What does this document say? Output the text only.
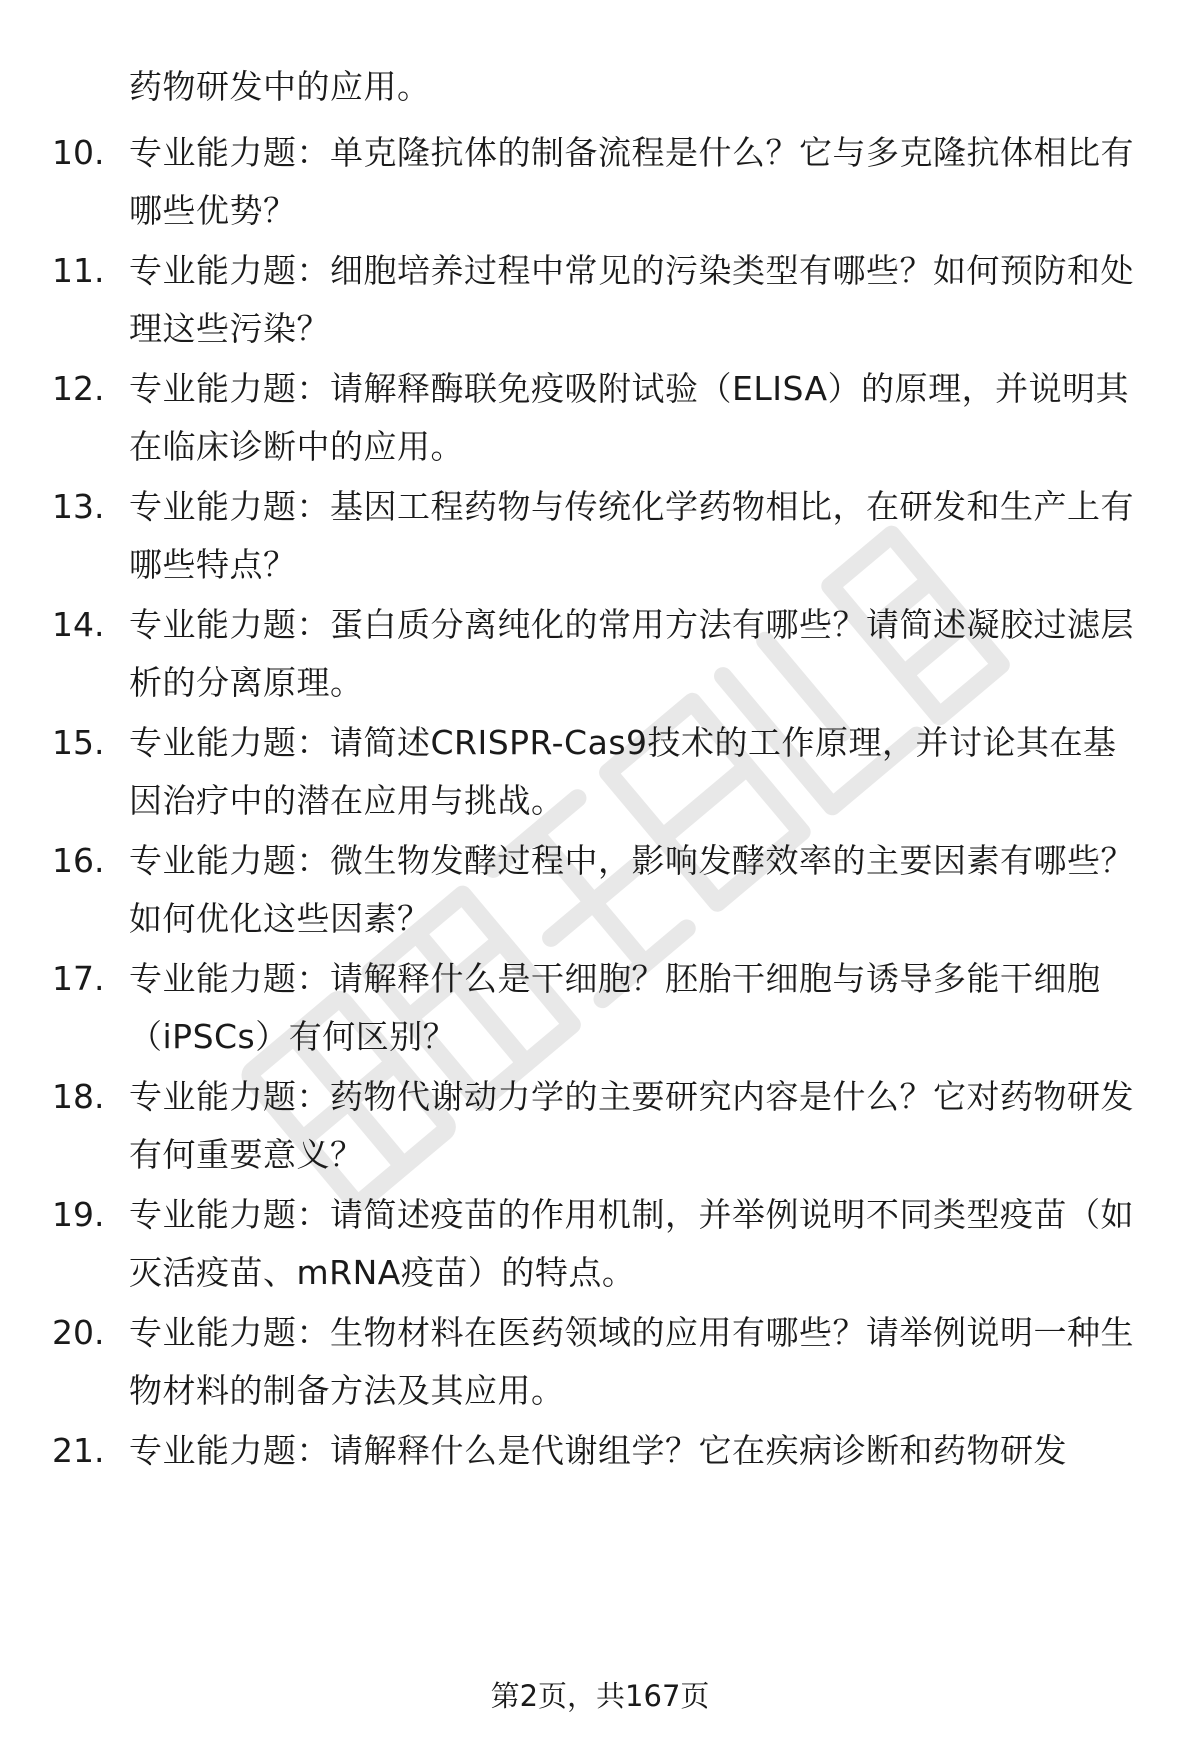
药物研发中的应用。
10. 专业能力题：单克隆抗体的制备流程是什么？它与多克隆抗体相比有哪些优势？
11. 专业能力题：细胞培养过程中常见的污染类型有哪些？如何预防和处理这些污染？
12. 专业能力题：请解释酶联免疫吸附试验（ELISA）的原理，并说明其在临床诊断中的应用。
13. 专业能力题：基因工程药物与传统化学药物相比，在研发和生产上有哪些特点？
14. 专业能力题：蛋白质分离纯化的常用方法有哪些？请简述凝胶过滤层析的分离原理。
15. 专业能力题：请简述CRISPR-Cas9技术的工作原理，并讨论其在基因治疗中的潜在应用与挑战。
16. 专业能力题：微生物发酵过程中，影响发酵效率的主要因素有哪些？如何优化这些因素？
17. 专业能力题：请解释什么是干细胞？胚胎干细胞与诱导多能干细胞（iPSCs）有何区别？
18. 专业能力题：药物代谢动力学的主要研究内容是什么？它对药物研发有何重要意义？
19. 专业能力题：请简述疫苗的作用机制，并举例说明不同类型疫苗（如灭活疫苗、mRNA疫苗）的特点。
20. 专业能力题：生物材料在医药领域的应用有哪些？请举例说明一种生物材料的制备方法及其应用。
21. 专业能力题：请解释什么是代谢组学？它在疾病诊断和药物研发
第2页，共167页
